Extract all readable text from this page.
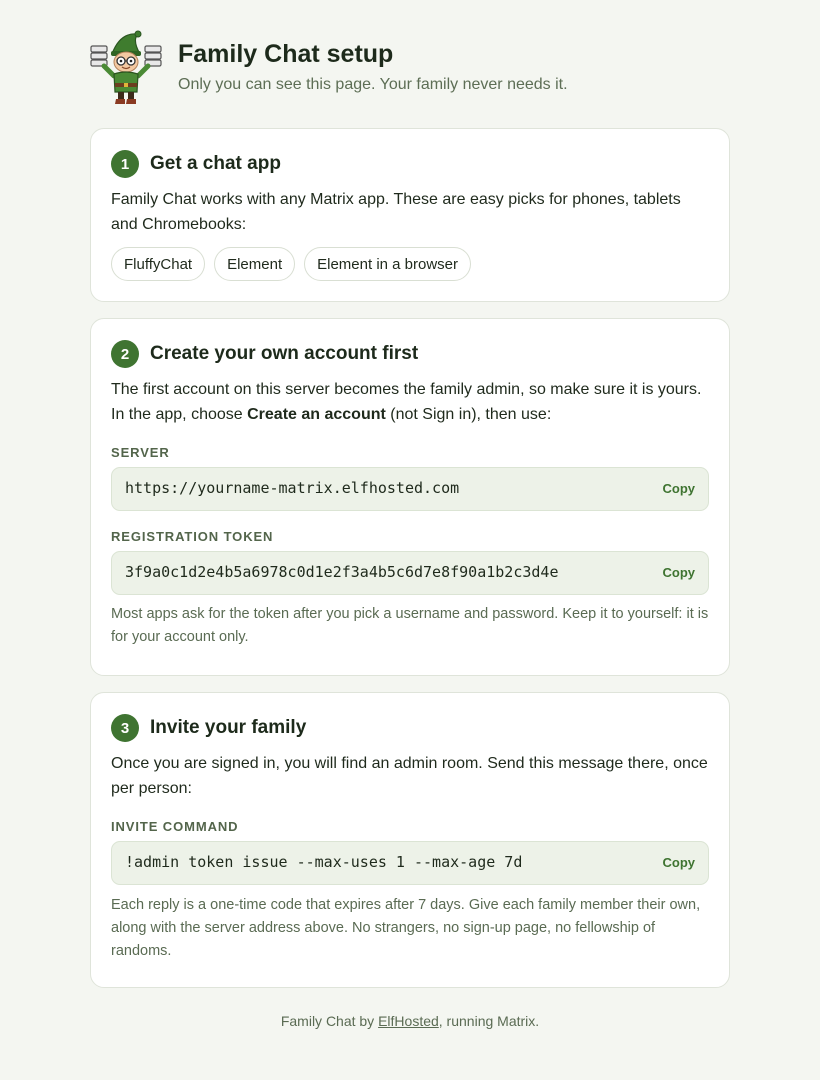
Family Chat setup
Only you can see this page. Your family never needs it.
1	Get a chat app

Family Chat works with any Matrix app. These are easy picks for phones, tablets and Chromebooks:

FluffyChat	Element	Element in a browser
2	Create your own account first

The first account on this server becomes the family admin, so make sure it is yours. In the app, choose Create an account (not Sign in), then use:

SERVER
https://yourname-matrix.elfhosted.com	Copy
REGISTRATION TOKEN
3f9a0c1d2e4b5a6978c0d1e2f3a4b5c6d7e8f90a1b2c3d4e	Copy

Most apps ask for the token after you pick a username and password. Keep it to yourself: it is for your account only.

3	Invite your family

Once you are signed in, you will find an admin room. Send this message there, once per person:

INVITE COMMAND
!admin token issue --max-uses 1 --max-age 7d	Copy

Each reply is a one-time code that expires after 7 days. Give each family member their own, along with the server address above. No strangers, no sign-up page, no fellowship of randoms.

Family Chat by ElfHosted, running Matrix.
